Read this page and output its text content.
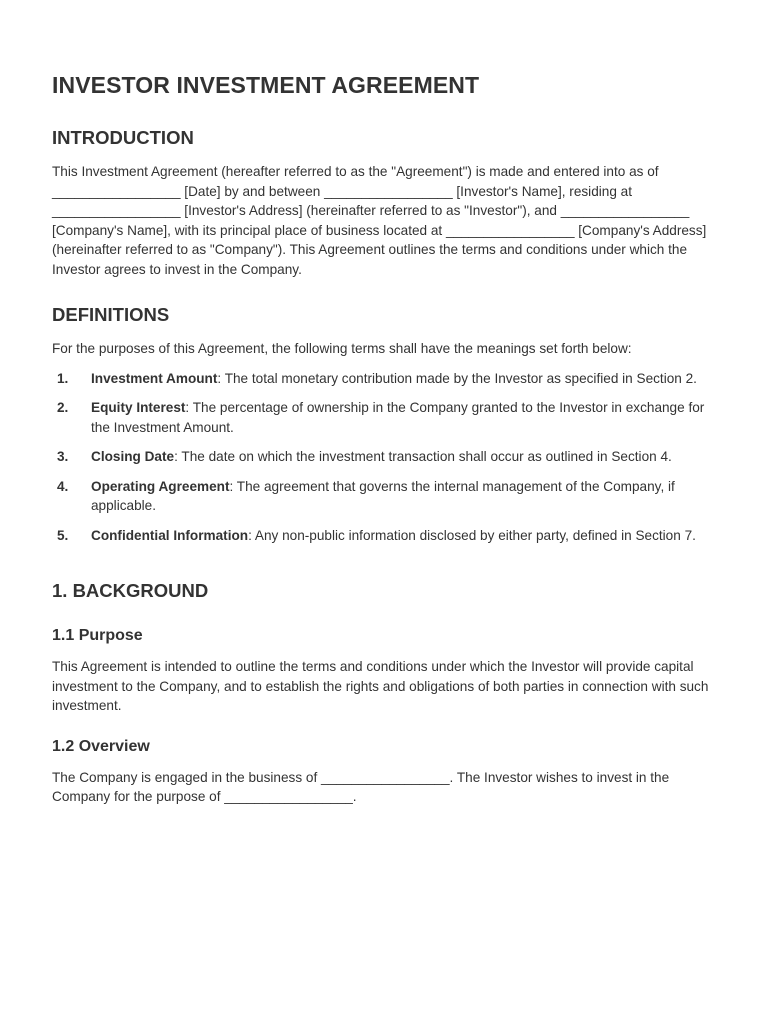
INVESTOR INVESTMENT AGREEMENT
INTRODUCTION

This Investment Agreement (hereafter referred to as the "Agreement") is made and entered into as of _________________ [Date] by and between _________________ [Investor's Name], residing at _________________ [Investor's Address] (hereinafter referred to as "Investor"), and _________________ [Company's Name], with its principal place of business located at _________________ [Company's Address] (hereinafter referred to as "Company"). This Agreement outlines the terms and conditions under which the Investor agrees to invest in the Company.

DEFINITIONS

For the purposes of this Agreement, the following terms shall have the meanings set forth below:

1.	Investment Amount: The total monetary contribution made by the Investor as specified in Section 2.
2.	Equity Interest: The percentage of ownership in the Company granted to the Investor in exchange for the Investment Amount.
3.	Closing Date: The date on which the investment transaction shall occur as outlined in Section 4.
4.	Operating Agreement: The agreement that governs the internal management of the Company, if applicable.
5.	Confidential Information: Any non-public information disclosed by either party, defined in Section 7.
1. BACKGROUND
1.1 Purpose

This Agreement is intended to outline the terms and conditions under which the Investor will provide capital investment to the Company, and to establish the rights and obligations of both parties in connection with such investment.

1.2 Overview

The Company is engaged in the business of _________________. The Investor wishes to invest in the Company for the purpose of _________________.
